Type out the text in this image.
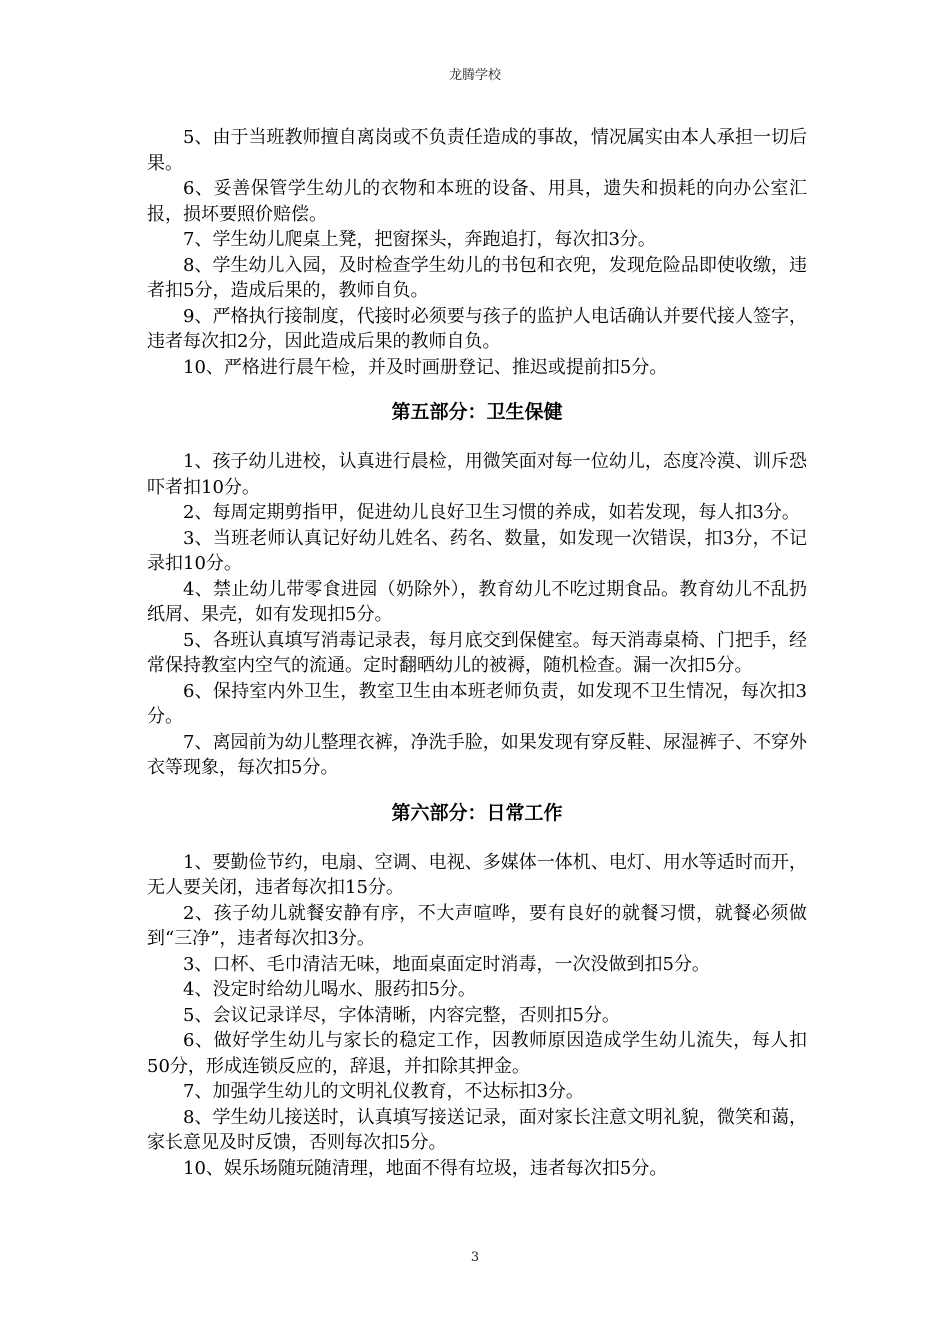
龙腾学校

5、由于当班教师擅自离岗或不负责任造成的事故，情况属实由本人承担一切后果。

6、妥善保管学生幼儿的衣物和本班的设备、用具，遗失和损耗的向办公室汇报，损坏要照价赔偿。

7、学生幼儿爬桌上凳，把窗探头，奔跑追打，每次扣3分。

8、学生幼儿入园，及时检查学生幼儿的书包和衣兜，发现危险品即使收缴，违者扣5分，造成后果的，教师自负。

9、严格执行接制度，代接时必须要与孩子的监护人电话确认并要代接人签字，违者每次扣2分，因此造成后果的教师自负。

10、严格进行晨午检，并及时画册登记、推迟或提前扣5分。

第五部分：卫生保健

1、孩子幼儿进校，认真进行晨检，用微笑面对每一位幼儿，态度冷漠、训斥恐吓者扣10分。

2、每周定期剪指甲，促进幼儿良好卫生习惯的养成，如若发现，每人扣3分。

3、当班老师认真记好幼儿姓名、药名、数量，如发现一次错误，扣3分，不记录扣10分。

4、禁止幼儿带零食进园（奶除外），教育幼儿不吃过期食品。教育幼儿不乱扔纸屑、果壳，如有发现扣5分。

5、各班认真填写消毒记录表，每月底交到保健室。每天消毒桌椅、门把手，经常保持教室内空气的流通。定时翻晒幼儿的被褥，随机检查。漏一次扣5分。

6、保持室内外卫生，教室卫生由本班老师负责，如发现不卫生情况，每次扣3分。

7、离园前为幼儿整理衣裤，净洗手脸，如果发现有穿反鞋、尿湿裤子、不穿外衣等现象，每次扣5分。

第六部分：日常工作

1、要勤俭节约，电扇、空调、电视、多媒体一体机、电灯、用水等适时而开，无人要关闭，违者每次扣15分。

2、孩子幼儿就餐安静有序，不大声喧哗，要有良好的就餐习惯，就餐必须做到“三净”，违者每次扣3分。

3、口杯、毛巾清洁无味，地面桌面定时消毒，一次没做到扣5分。

4、没定时给幼儿喝水、服药扣5分。

5、会议记录详尽，字体清晰，内容完整，否则扣5分。

6、做好学生幼儿与家长的稳定工作，因教师原因造成学生幼儿流失，每人扣50分，形成连锁反应的，辞退，并扣除其押金。

7、加强学生幼儿的文明礼仪教育，不达标扣3分。

8、学生幼儿接送时，认真填写接送记录，面对家长注意文明礼貌，微笑和蔼，家长意见及时反馈，否则每次扣5分。

10、娱乐场随玩随清理，地面不得有垃圾，违者每次扣5分。

3
